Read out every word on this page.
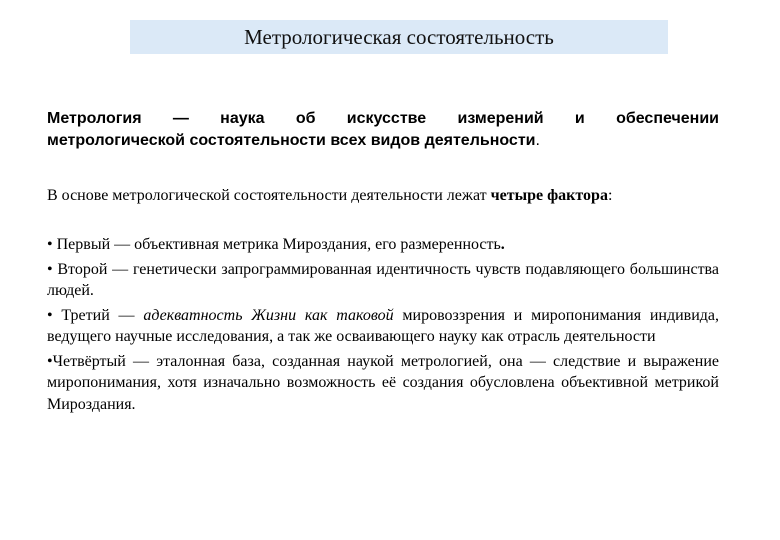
Метрологическая состоятельность
Метрология — наука об искусстве измерений и обеспечении
метрологической состоятельности всех видов деятельности.
В основе метрологической состоятельности деятельности лежат четыре фактора:
• Первый — объективная метрика Мироздания, его размеренность.
• Второй — генетически запрограммированная идентичность чувств подавляющего большинства людей.
• Третий — адекватность Жизни как таковой мировоззрения и миропонимания индивида, ведущего научные исследования, а так же осваивающего науку как отрасль деятельности
•Четвёртый — эталонная база, созданная наукой метрологией, она — следствие и выражение миропонимания, хотя изначально возможность её создания обусловлена объективной метрикой Мироздания.
